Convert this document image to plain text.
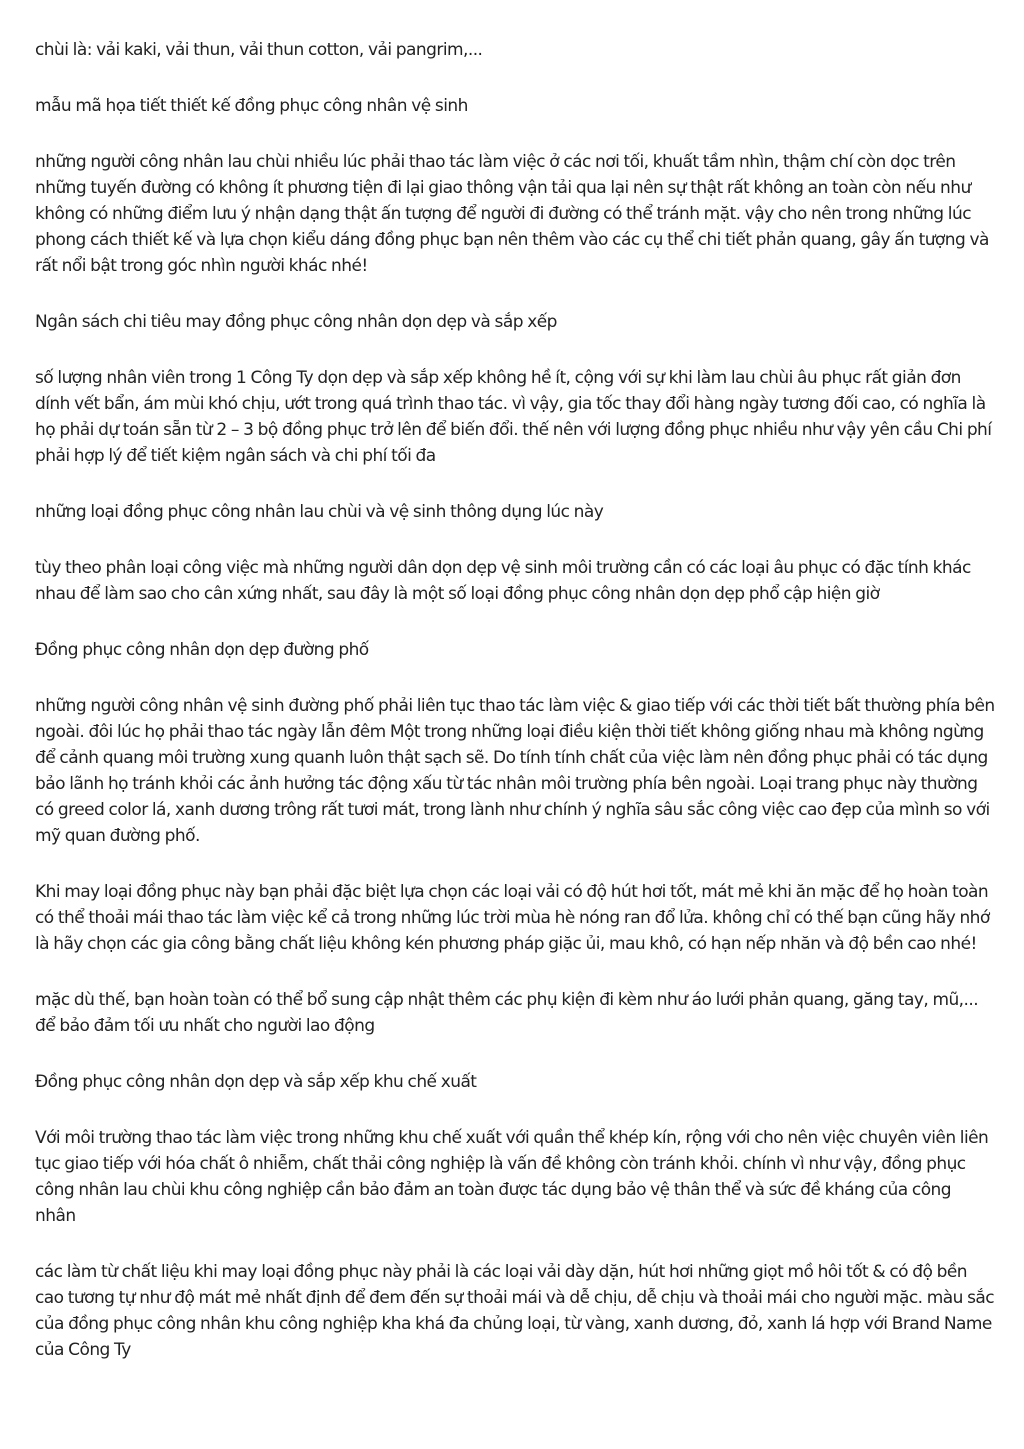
chùi là: vải kaki, vải thun, vải thun cotton, vải pangrim,...

mẫu mã họa tiết thiết kế đồng phục công nhân vệ sinh

những người công nhân lau chùi nhiều lúc phải thao tác làm việc ở các nơi tối, khuất tầm nhìn, thậm chí còn dọc trên những tuyến đường có không ít phương tiện đi lại giao thông vận tải qua lại nên sự thật rất không an toàn còn nếu như không có những điểm lưu ý nhận dạng thật ấn tượng để người đi đường có thể tránh mặt. vậy cho nên trong những lúc phong cách thiết kế và lựa chọn kiểu dáng đồng phục bạn nên thêm vào các cụ thể chi tiết phản quang, gây ấn tượng và rất nổi bật trong góc nhìn người khác nhé!

Ngân sách chi tiêu may đồng phục công nhân dọn dẹp và sắp xếp

số lượng nhân viên trong 1 Công Ty dọn dẹp và sắp xếp không hề ít, cộng với sự khi làm lau chùi âu phục rất giản đơn dính vết bẩn, ám mùi khó chịu, ướt trong quá trình thao tác. vì vậy, gia tốc thay đổi hàng ngày tương đối cao, có nghĩa là họ phải dự toán sẵn từ 2 – 3 bộ đồng phục trở lên để biến đổi. thế nên với lượng đồng phục nhiều như vậy yên cầu Chi phí phải hợp lý để tiết kiệm ngân sách và chi phí tối đa

những loại đồng phục công nhân lau chùi và vệ sinh thông dụng lúc này

tùy theo phân loại công việc mà những người dân dọn dẹp vệ sinh môi trường cần có các loại âu phục có đặc tính khác nhau để làm sao cho cân xứng nhất, sau đây là một số loại đồng phục công nhân dọn dẹp phổ cập hiện giờ

Đồng phục công nhân dọn dẹp đường phố

những người công nhân vệ sinh đường phố phải liên tục thao tác làm việc & giao tiếp với các thời tiết bất thường phía bên ngoài. đôi lúc họ phải thao tác ngày lẫn đêm Một trong những loại điều kiện thời tiết không giống nhau mà không ngừng để cảnh quang môi trường xung quanh luôn thật sạch sẽ. Do tính tính chất của việc làm nên đồng phục phải có tác dụng bảo lãnh họ tránh khỏi các ảnh hưởng tác động xấu từ tác nhân môi trường phía bên ngoài. Loại trang phục này thường có greed color lá, xanh dương trông rất tươi mát, trong lành như chính ý nghĩa sâu sắc công việc cao đẹp của mình so với mỹ quan đường phố.

Khi may loại đồng phục này bạn phải đặc biệt lựa chọn các loại vải có độ hút hơi tốt, mát mẻ khi ăn mặc để họ hoàn toàn có thể thoải mái thao tác làm việc kể cả trong những lúc trời mùa hè nóng ran đổ lửa. không chỉ có thế bạn cũng hãy nhớ là hãy chọn các gia công bằng chất liệu không kén phương pháp giặc ủi, mau khô, có hạn nếp nhăn và độ bền cao nhé!

mặc dù thế, bạn hoàn toàn có thể bổ sung cập nhật thêm các phụ kiện đi kèm như áo lưới phản quang, găng tay, mũ,... để bảo đảm tối ưu nhất cho người lao động

Đồng phục công nhân dọn dẹp và sắp xếp khu chế xuất

Với môi trường thao tác làm việc trong những khu chế xuất với quần thể khép kín, rộng với cho nên việc chuyên viên liên tục giao tiếp với hóa chất ô nhiễm, chất thải công nghiệp là vấn đề không còn tránh khỏi. chính vì như vậy, đồng phục công nhân lau chùi khu công nghiệp cần bảo đảm an toàn được tác dụng bảo vệ thân thể và sức đề kháng của công nhân

các làm từ chất liệu khi may loại đồng phục này phải là các loại vải dày dặn, hút hơi những giọt mồ hôi tốt & có độ bền cao tương tự như độ mát mẻ nhất định để đem đến sự thoải mái và dễ chịu, dễ chịu và thoải mái cho người mặc. màu sắc của đồng phục công nhân khu công nghiệp kha khá đa chủng loại, từ vàng, xanh dương, đỏ, xanh lá hợp với Brand Name của Công Ty
